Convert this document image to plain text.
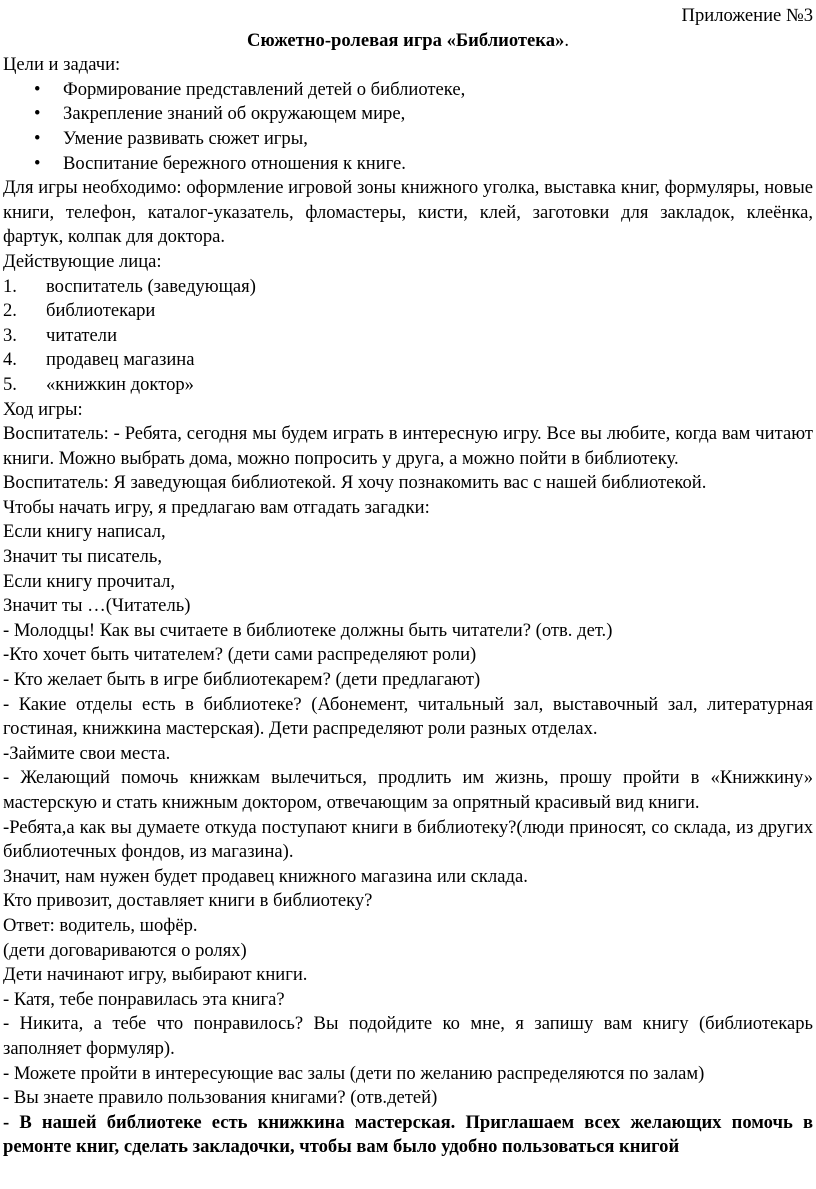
Приложение №3

Сюжетно-ролевая игра «Библиотека».

Цели и задачи:

• Формирование представлений детей о библиотеке,
• Закрепление знаний об окружающем мире,
• Умение развивать сюжет игры,
• Воспитание бережного отношения к книге.

Для игры необходимо: оформление игровой зоны книжного уголка, выставка книг, формуляры, новые книги, телефон, каталог-указатель, фломастеры, кисти, клей, заготовки для закладок, клеёнка, фартук, колпак для доктора.

Действующие лица:

1.	воспитатель (заведующая)
2.	библиотекари
3.	читатели
4.	продавец магазина
5.	«книжкин доктор»

Ход игры:

Воспитатель: - Ребята, сегодня мы будем играть в интересную игру. Все вы любите, когда вам читают книги. Можно выбрать дома, можно попросить у друга, а можно пойти в библиотеку.

Воспитатель: Я заведующая библиотекой. Я хочу познакомить вас с нашей библиотекой.

Чтобы начать игру, я предлагаю вам отгадать загадки:

Если книгу написал,

Значит ты писатель,

Если книгу прочитал,

Значит ты …(Читатель)

- Молодцы! Как вы считаете в библиотеке должны быть читатели? (отв. дет.)

-Кто хочет быть читателем? (дети сами распределяют роли)

- Кто желает быть в игре библиотекарем? (дети предлагают)

- Какие отделы есть в библиотеке? (Абонемент, читальный зал, выставочный зал, литературная гостиная, книжкина мастерская). Дети распределяют роли разных отделах.

-Займите свои места.

- Желающий помочь книжкам вылечиться, продлить им жизнь, прошу пройти в «Книжкину» мастерскую и стать книжным доктором, отвечающим за опрятный красивый вид книги.

-Ребята,а как вы думаете откуда поступают книги в библиотеку?(люди приносят, со склада, из других библиотечных фондов, из магазина).

Значит, нам нужен будет продавец книжного магазина или склада.

Кто привозит, доставляет книги в библиотеку?

Ответ: водитель, шофёр.

(дети договариваются о ролях)

Дети начинают игру, выбирают книги.

- Катя, тебе понравилась эта книга?

- Никита, а тебе что понравилось? Вы подойдите ко мне, я запишу вам книгу (библиотекарь заполняет формуляр).

- Можете пройти в интересующие вас залы (дети по желанию распределяются по залам)

- Вы знаете правило пользования книгами? (отв.детей)

- В нашей библиотеке есть книжкина мастерская. Приглашаем всех желающих помочь в ремонте книг, сделать закладочки, чтобы вам было удобно пользоваться книгой
